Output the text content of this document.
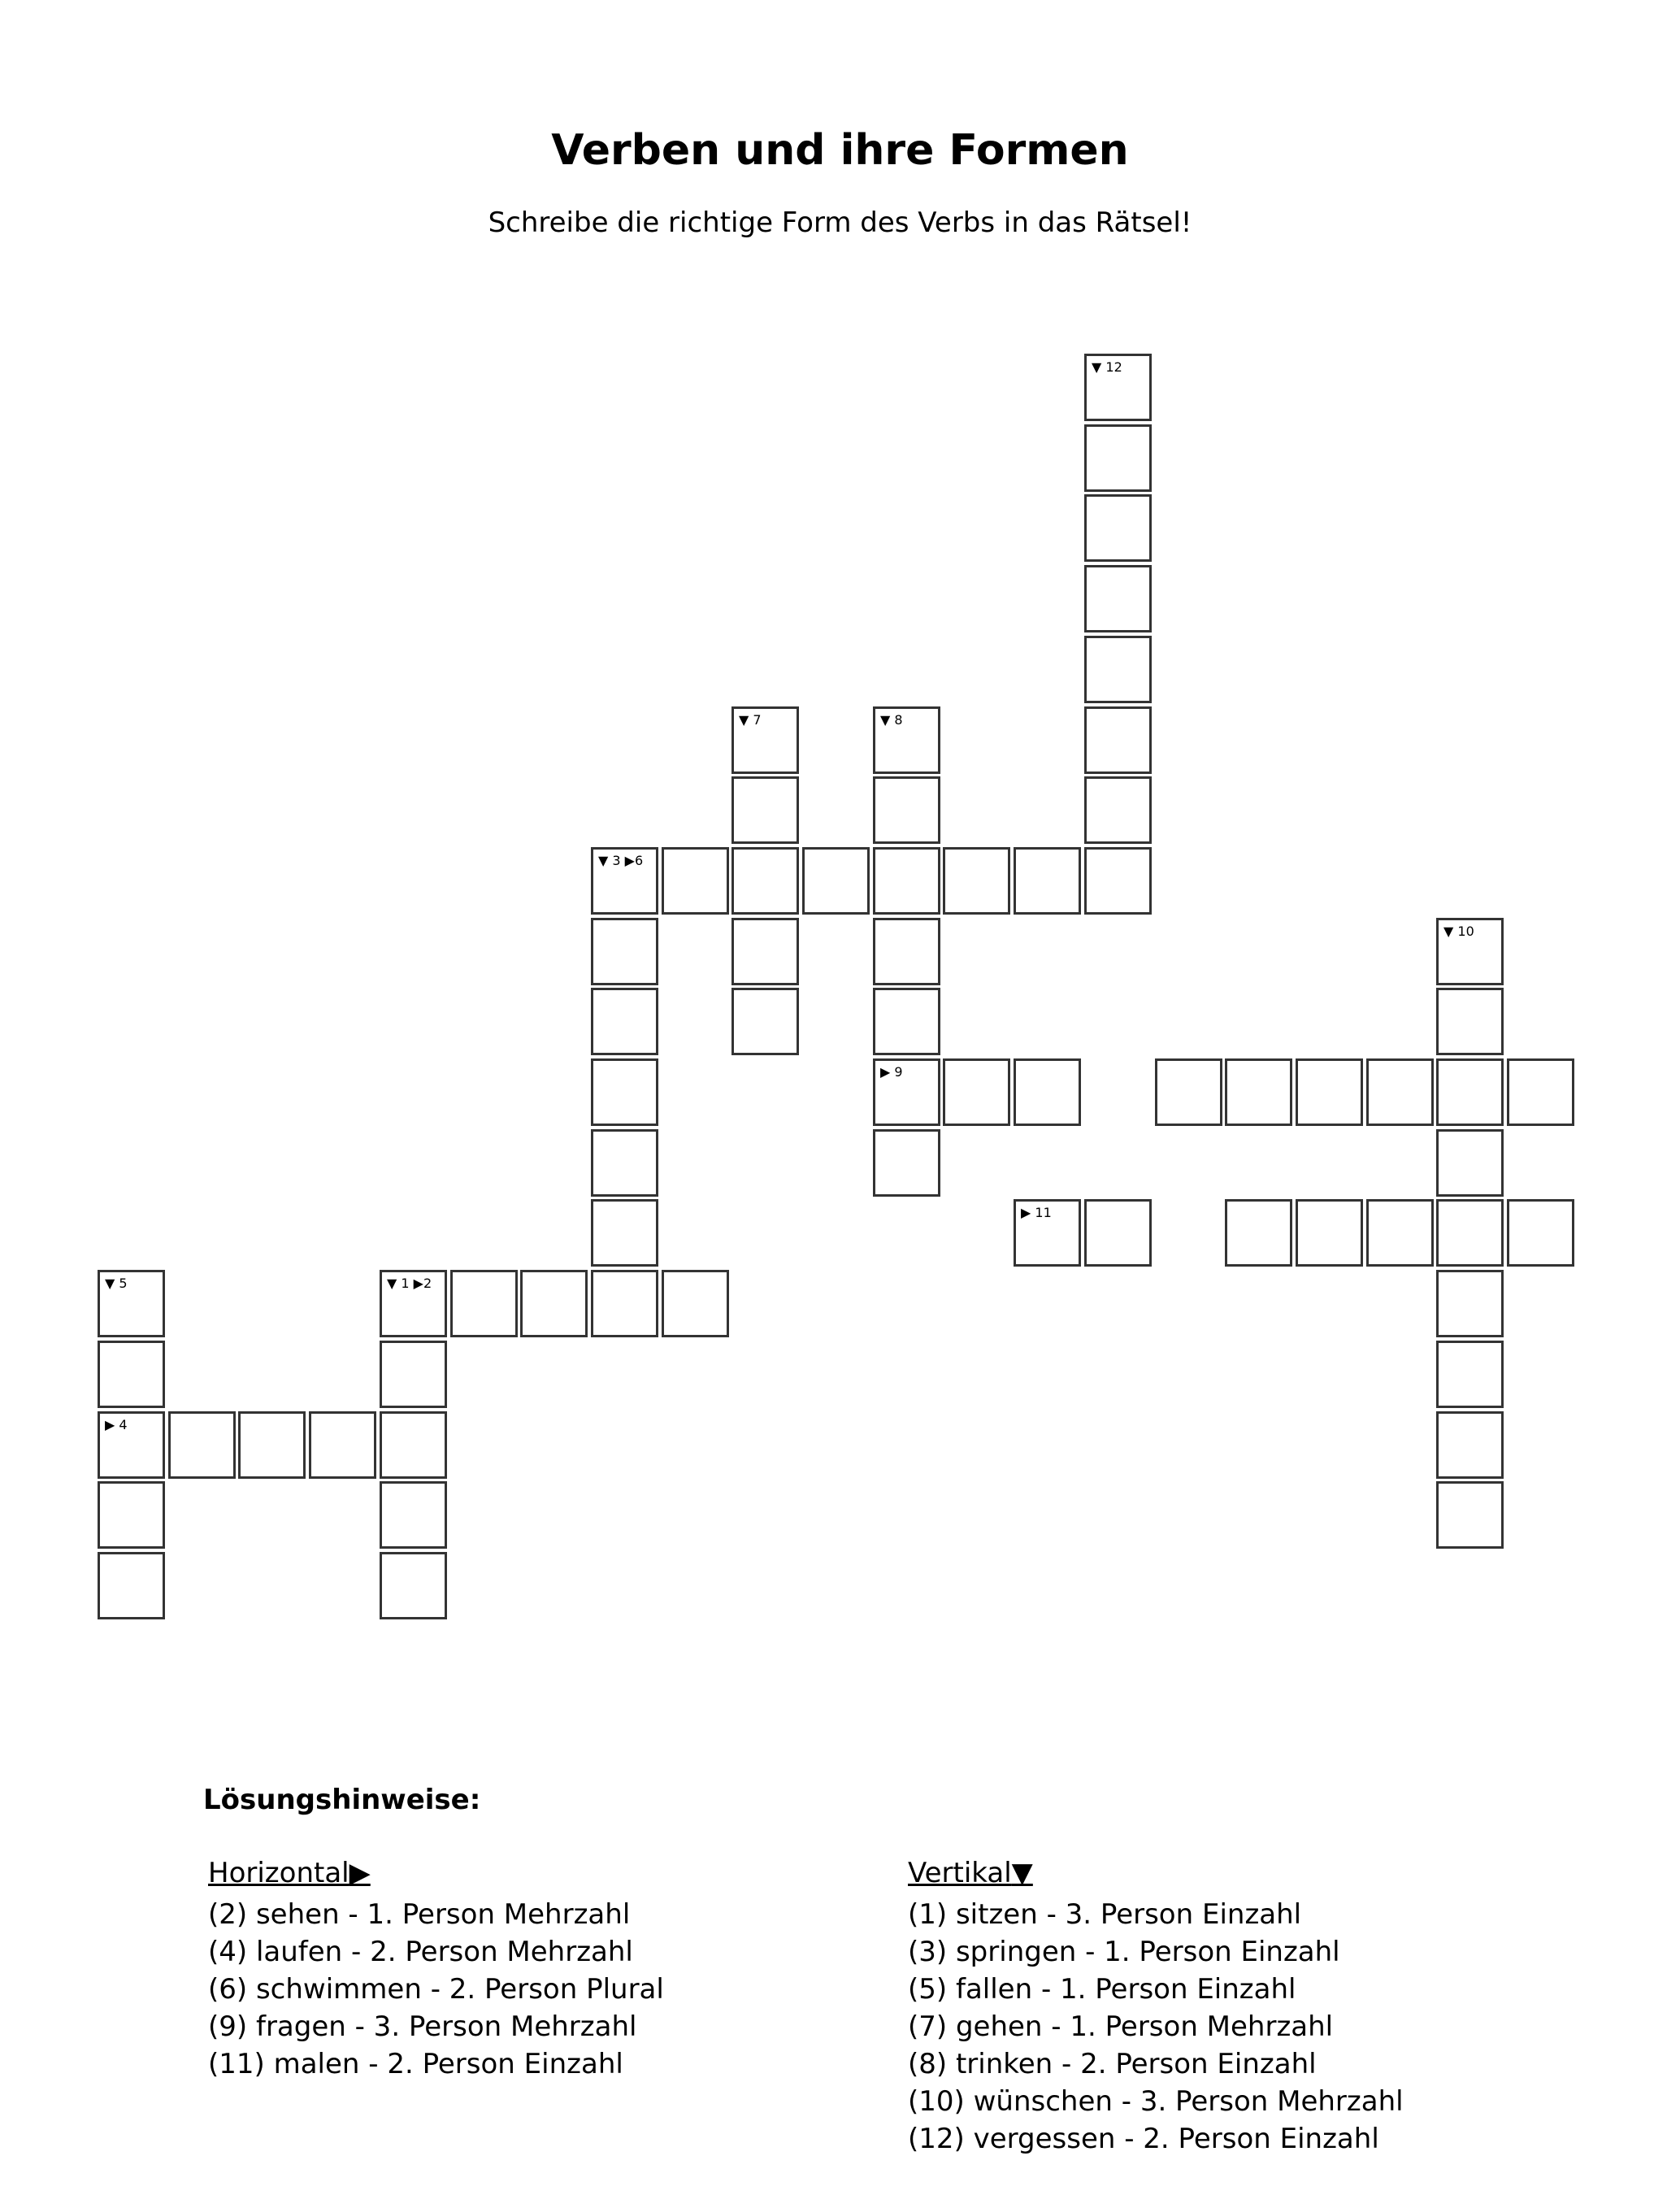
Verben und ihre Formen
Schreibe die richtige Form des Verbs in das Rätsel!
▼ 1 ▶2
▼ 3 ▶6
▶ 4
▼ 5
▼ 7	▼ 8
▶ 9
▼ 10
▶ 11
▼ 12
Lösungshinweise:
Horizontal▶
(2) sehen - 1. Person Mehrzahl
(4) laufen - 2. Person Mehrzahl
(6) schwimmen - 2. Person Plural
(9) fragen - 3. Person Mehrzahl
(11) malen - 2. Person Einzahl
Vertikal▼
(1) sitzen - 3. Person Einzahl
(3) springen - 1. Person Einzahl
(5) fallen - 1. Person Einzahl
(7) gehen - 1. Person Mehrzahl
(8) trinken - 2. Person Einzahl
(10) wünschen - 3. Person Mehrzahl
(12) vergessen - 2. Person Einzahl
